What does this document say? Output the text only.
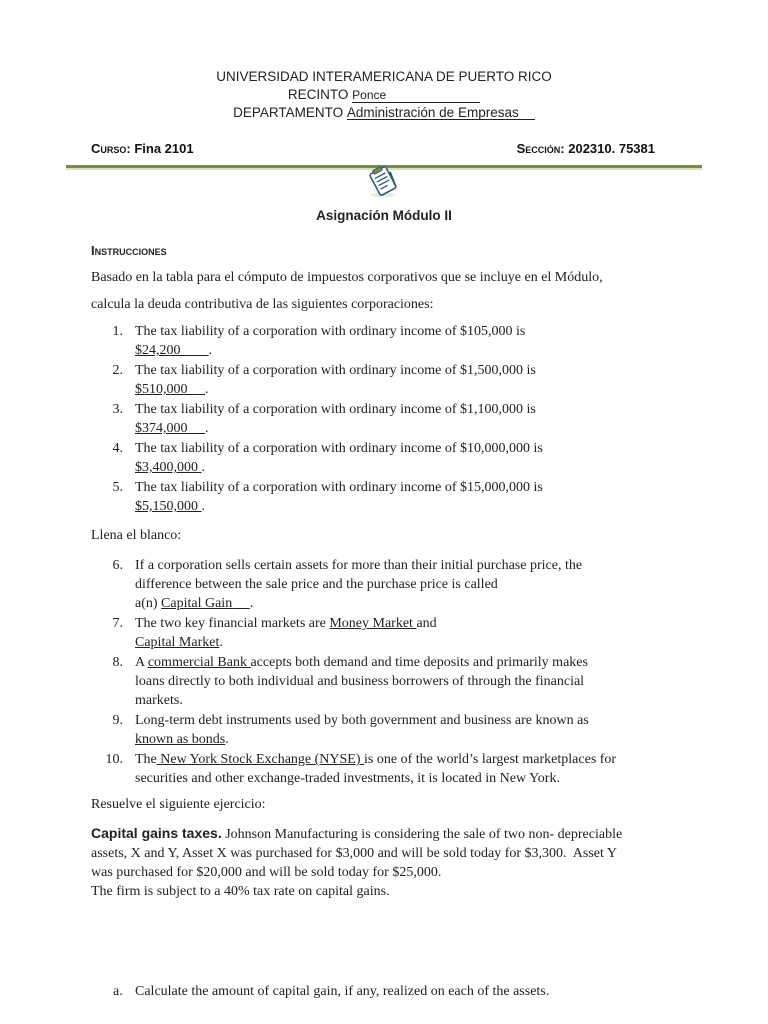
UNIVERSIDAD INTERAMERICANA DE PUERTO RICO
RECINTO Ponce
DEPARTAMENTO Administración de Empresas
Curso: Fina 2101	Sección: 202310. 75381
Asignación Módulo II
Instrucciones
Basado en la tabla para el cómputo de impuestos corporativos que se incluye en el Módulo,
calcula la deuda contributiva de las siguientes corporaciones:
1. The tax liability of a corporation with ordinary income of $105,000 is
$24,200 .
2. The tax liability of a corporation with ordinary income of $1,500,000 is
$510,000 .
3. The tax liability of a corporation with ordinary income of $1,100,000 is
$374,000 .
4. The tax liability of a corporation with ordinary income of $10,000,000 is
$3,400,000 .
5. The tax liability of a corporation with ordinary income of $15,000,000 is
$5,150,000 .
Llena el blanco:
6. If a corporation sells certain assets for more than their initial purchase price, the
difference between the sale price and the purchase price is called
a(n) Capital Gain .
7. The two key financial markets are Money Market and
Capital Market.
8. A commercial Bank accepts both demand and time deposits and primarily makes
loans directly to both individual and business borrowers of through the financial
markets.
9. Long-term debt instruments used by both government and business are known as
known as bonds.
10. The New York Stock Exchange (NYSE) is one of the world’s largest marketplaces for
securities and other exchange-traded investments, it is located in New York.
Resuelve el siguiente ejercicio:
Capital gains taxes. Johnson Manufacturing is considering the sale of two non- depreciable
assets, X and Y, Asset X was purchased for $3,000 and will be sold today for $3,300.  Asset Y
was purchased for $20,000 and will be sold today for $25,000.
The firm is subject to a 40% tax rate on capital gains.
a. Calculate the amount of capital gain, if any, realized on each of the assets.
